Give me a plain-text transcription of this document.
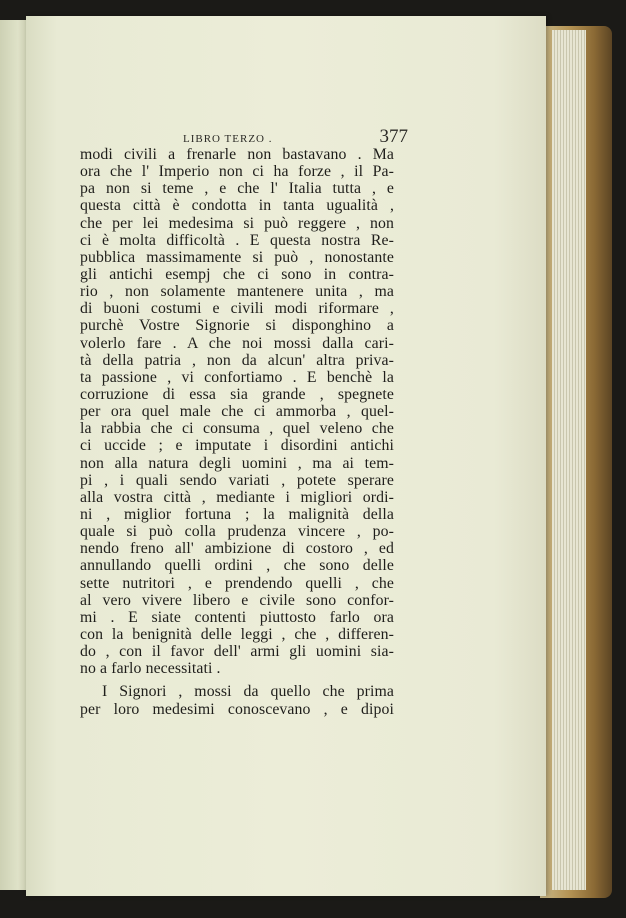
LIBRO TERZO .	377
modi civili a frenarle non bastavano . Ma
ora che l' Imperio non ci ha forze , il Pa-
pa non si teme , e che l' Italia tutta , e
questa città è condotta in tanta ugualità ,
che per lei medesima si può reggere , non
ci è molta difficoltà . E questa nostra Re-
pubblica massimamente si può , nonostante
gli antichi esempj che ci sono in contra-
rio , non solamente mantenere unita , ma
di buoni costumi e civili modi riformare ,
purchè Vostre Signorie si disponghino a
volerlo fare . A che noi mossi dalla cari-
tà della patria , non da alcun' altra priva-
ta passione , vi confortiamo . E benchè la
corruzione di essa sia grande , spegnete
per ora quel male che ci ammorba , quel-
la rabbia che ci consuma , quel veleno che
ci uccide ; e imputate i disordini antichi
non alla natura degli uomini , ma ai tem-
pi , i quali sendo variati , potete sperare
alla vostra città , mediante i migliori ordi-
ni , miglior fortuna ; la malignità della
quale si può colla prudenza vincere , po-
nendo freno all' ambizione di costoro , ed
annullando quelli ordini , che sono delle
sette nutritori , e prendendo quelli , che
al vero vivere libero e civile sono confor-
mi . E siate contenti piuttosto farlo ora
con la benignità delle leggi , che , differen-
do , con il favor dell' armi gli uomini sia-
no a farlo necessitati .
I Signori , mossi da quello che prima
per loro medesimi conoscevano , e dipoi
